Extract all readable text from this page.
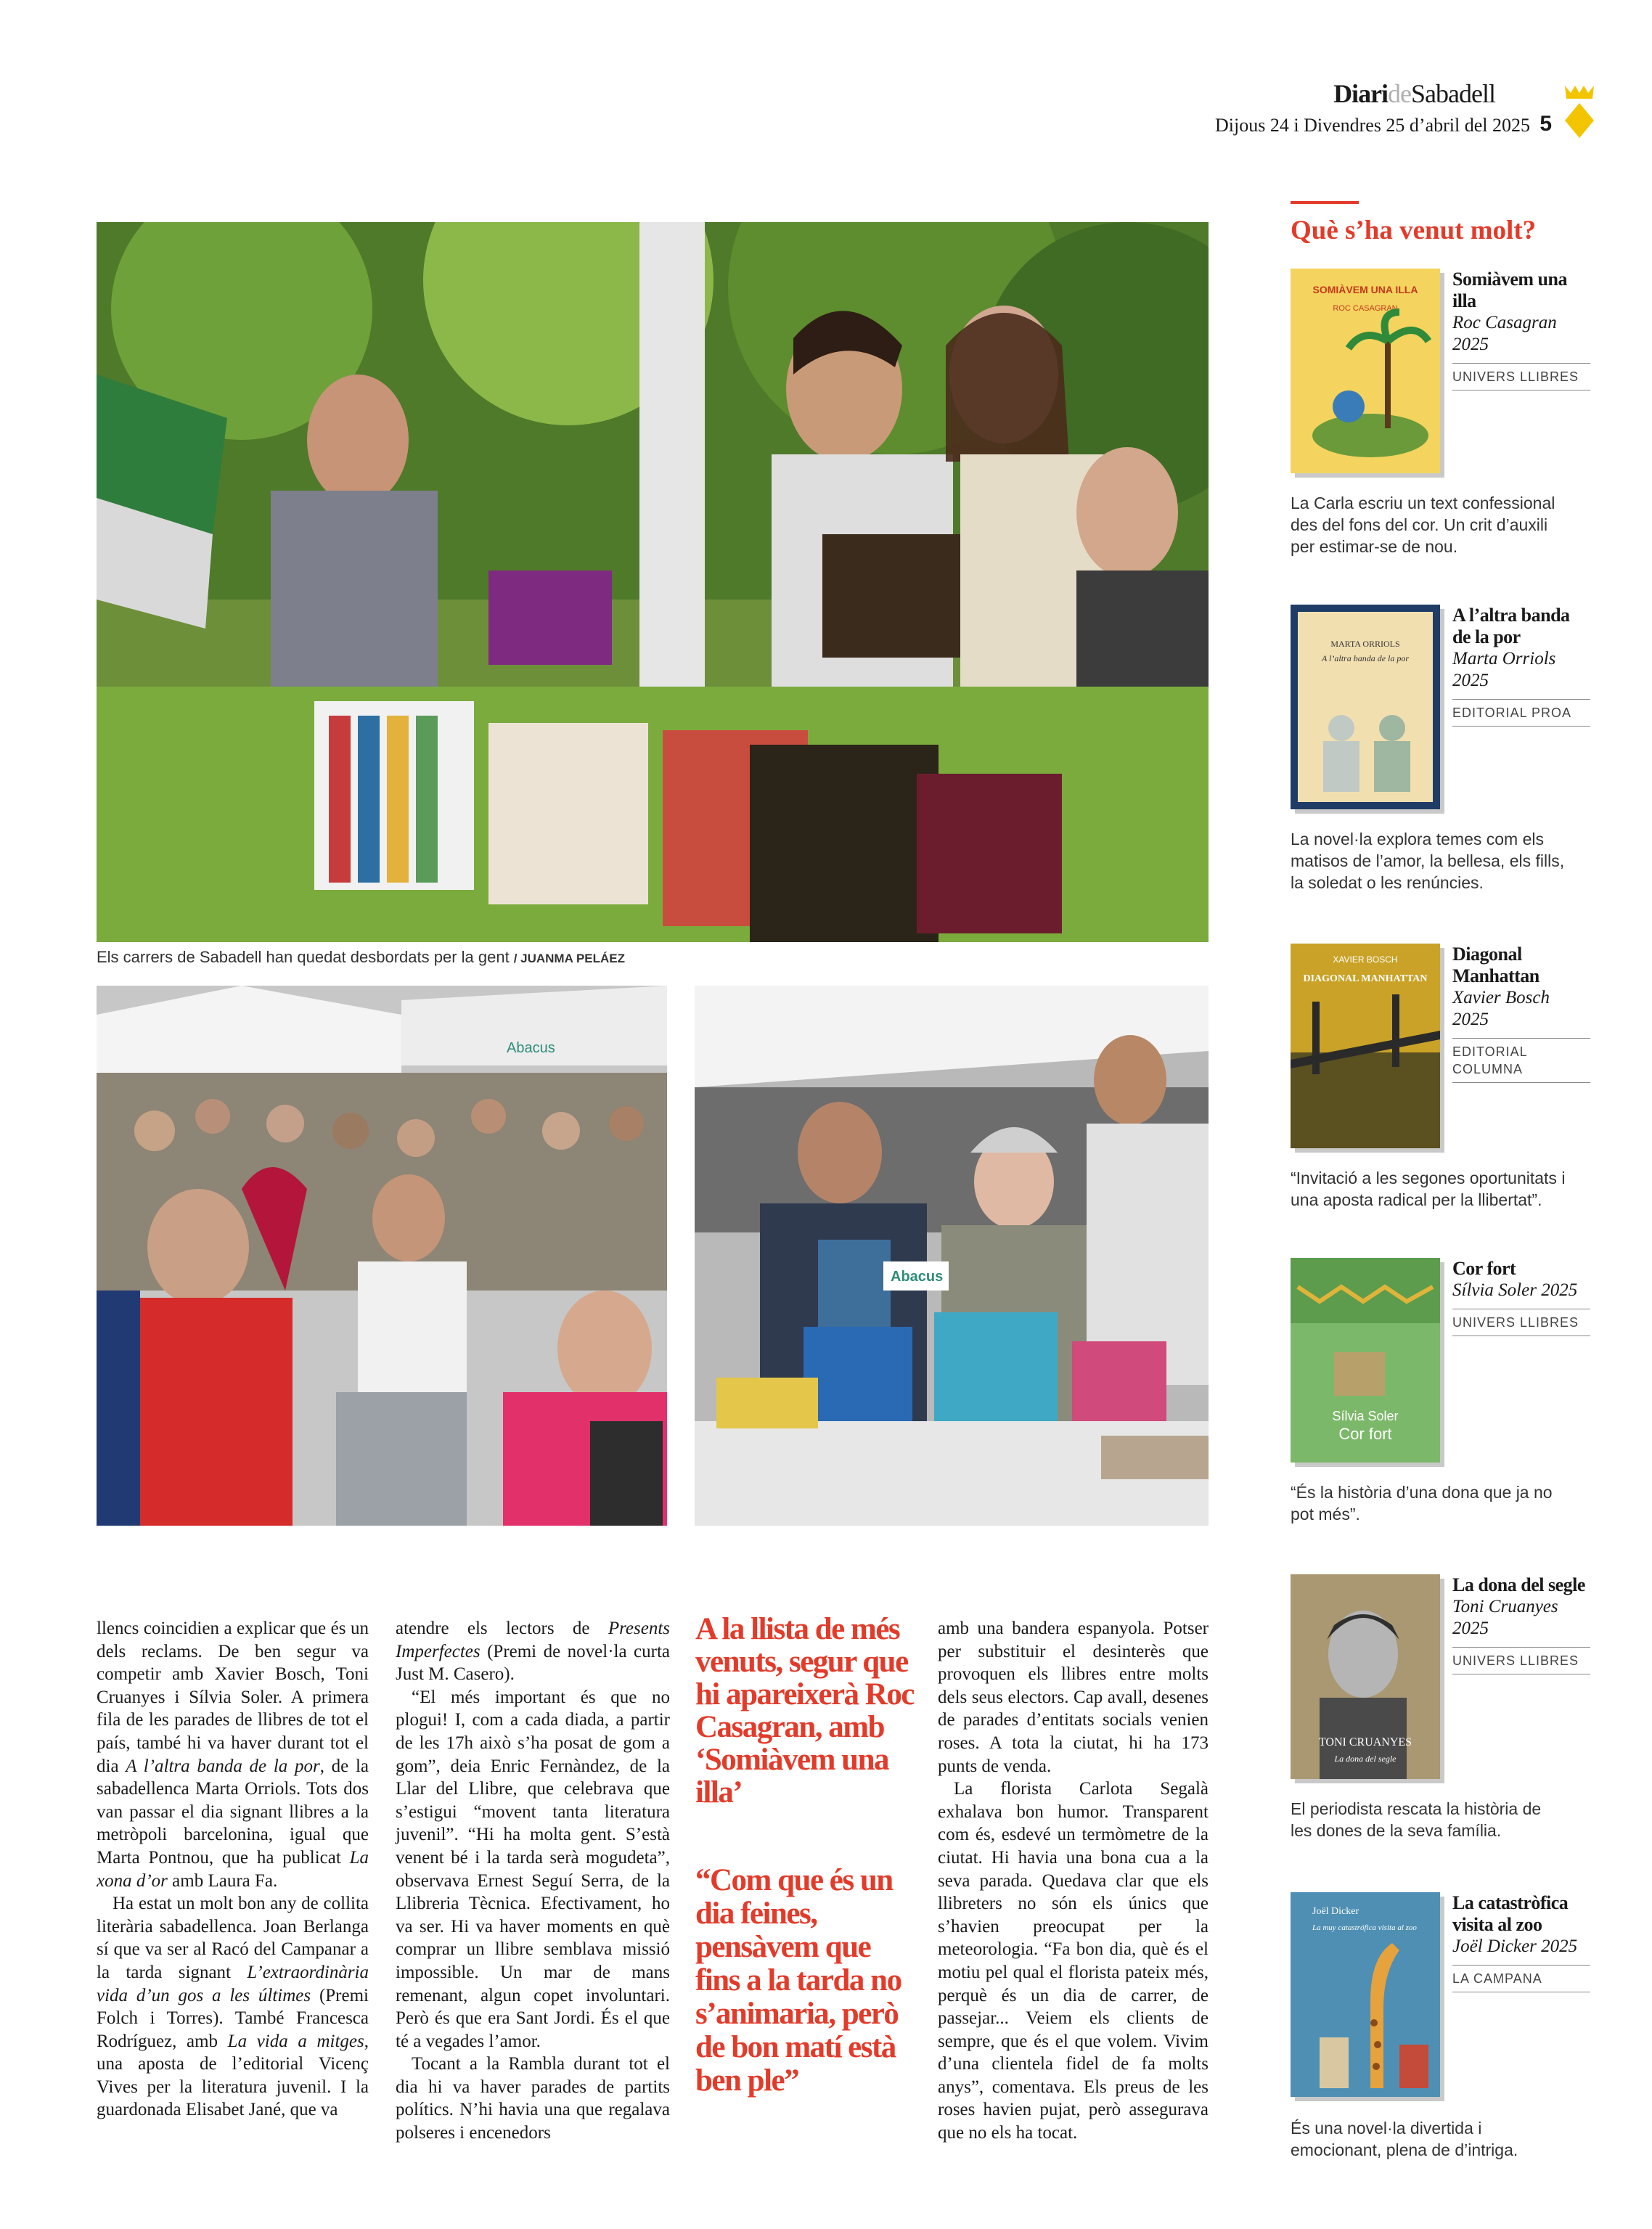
DiarideSabadell
Dijous 24 i Divendres 25 d’abril del 2025 5
Els carrers de Sabadell han quedat desbordats per la gent / JUANMA PELÁEZ
Abacus
Abacus

llencs coincidien a explicar que és un dels reclams. De ben segur va competir amb Xavier Bosch, Toni Cruanyes i Sílvia Soler. A primera fila de les parades de llibres de tot el país, també hi va haver durant tot el dia A l’altra banda de la por, de la sabadellenca Marta Orriols. Tots dos van passar el dia signant llibres a la metròpoli barcelonina, igual que Marta Pontnou, que ha publicat La xona d’or amb Laura Fa.

Ha estat un molt bon any de collita literària sabadellenca. Joan Berlanga sí que va ser al Racó del Campanar a la tarda signant L’extraordinària vida d’un gos a les últimes (Premi Folch i Torres). També Francesca Rodríguez, amb La vida a mitges, una aposta de l’editorial Vicenç Vives per la literatura juvenil. I la guardonada Elisabet Jané, que va

atendre els lectors de Presents Imperfectes (Premi de novel·la curta Just M. Casero).

“El més important és que no plogui! I, com a cada diada, a partir de les 17h això s’ha posat de gom a gom”, deia Enric Fernàndez, de la Llar del Llibre, que celebrava que s’estigui “movent tanta literatura juvenil”. “Hi ha molta gent. S’està venent bé i la tarda serà mogudeta”, observava Ernest Seguí Serra, de la Llibreria Tècnica. Efectivament, ho va ser. Hi va haver moments en què comprar un llibre semblava missió impossible. Un mar de mans remenant, algun copet involuntari. Però és que era Sant Jordi. És el que té a vegades l’amor.

Tocant a la Rambla durant tot el dia hi va haver parades de partits polítics. N’hi havia una que regalava polseres i encenedors

A la llista de més venuts, segur que hi apareixerà Roc Casagran, amb ‘Somiàvem una illa’
“Com que és un dia feines, pensàvem que fins a la tarda no s’animaria, però de bon matí està ben ple”

amb una bandera espanyola. Potser per substituir el desinterès que provoquen els llibres entre molts dels seus electors. Cap avall, desenes de parades d’entitats socials venien roses. A tota la ciutat, hi ha 173 punts de venda.

La florista Carlota Segalà exhalava bon humor. Transparent com és, esdevé un termòmetre de la ciutat. Hi havia una bona cua a la seva parada. Quedava clar que els llibreters no són els únics que s’havien preocupat per la meteorologia. “Fa bon dia, què és el motiu pel qual el florista pateix més, perquè és un dia de carrer, de passejar... Veiem els clients de sempre, que és el que volem. Vivim d’una clientela fidel de fa molts anys”, comentava. Els preus de les roses havien pujat, però assegurava que no els ha tocat.

Què s’ha venut molt?
SOMIÀVEM UNA ILLA
ROC CASAGRAN
Somiàvem una illa
Roc Casagran 2025
UNIVERS LLIBRES
La Carla escriu un text confessional des del fons del cor. Un crit d’auxili per estimar-se de nou.
MARTA ORRIOLS
A l’altra banda de la por
A l’altra banda de la por
Marta Orriols 2025
EDITORIAL PROA
La novel·la explora temes com els matisos de l’amor, la bellesa, els fills, la soledat o les renúncies.
XAVIER BOSCH
DIAGONAL MANHATTAN
Diagonal Manhattan
Xavier Bosch 2025
EDITORIAL COLUMNA
“Invitació a les segones oportunitats i una aposta radical per la llibertat”.
Sílvia Soler
Cor fort
Cor fort
Sílvia Soler 2025
UNIVERS LLIBRES
“És la història d’una dona que ja no pot més”.
TONI CRUANYES
La dona del segle
La dona del segle
Toni Cruanyes 2025
UNIVERS LLIBRES
El periodista rescata la història de les dones de la seva família.
Joël Dicker
La muy catastrófica visita al zoo
La catastròfica visita al zoo
Joël Dicker 2025
LA CAMPANA
És una novel·la divertida i emocionant, plena de d’intriga.
